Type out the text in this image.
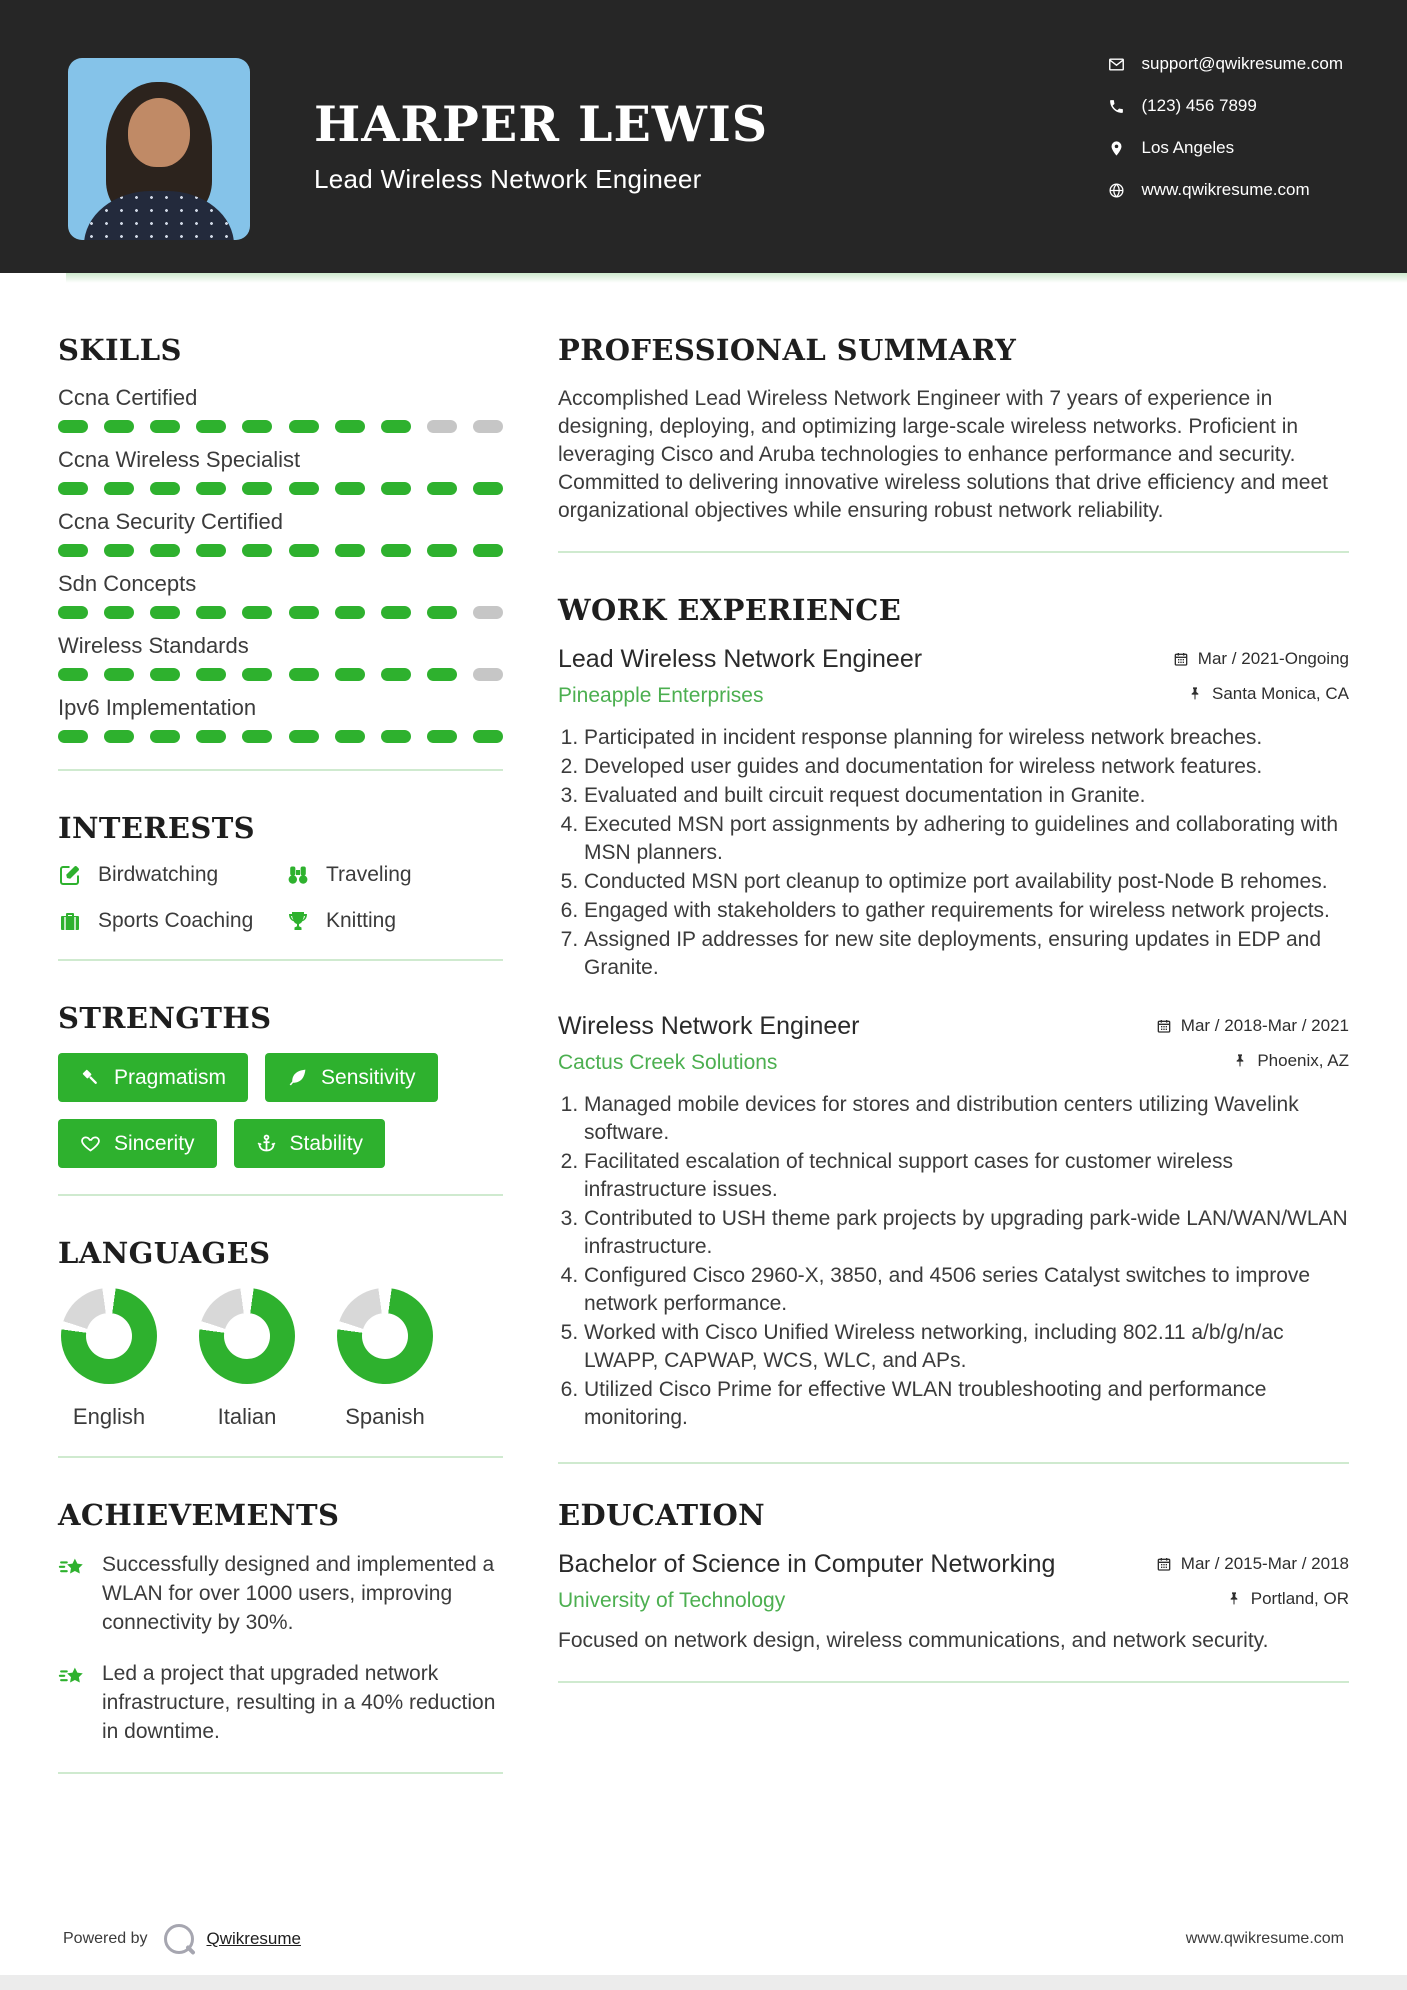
HARPER LEWIS
Lead Wireless Network Engineer
support@qwikresume.com
(123) 456 7899
Los Angeles
www.qwikresume.com
SKILLS
Ccna Certified
Ccna Wireless Specialist
Ccna Security Certified
Sdn Concepts
Wireless Standards
Ipv6 Implementation
INTERESTS
Birdwatching	Traveling
Sports Coaching	Knitting
STRENGTHS
Pragmatism	Sensitivity
Sincerity	Stability
LANGUAGES
English	Italian	Spanish
ACHIEVEMENTS
Successfully designed and implemented a WLAN for over 1000 users, improving connectivity by 30%.
Led a project that upgraded network infrastructure, resulting in a 40% reduction in downtime.
PROFESSIONAL SUMMARY

Accomplished Lead Wireless Network Engineer with 7 years of experience in designing, deploying, and optimizing large-scale wireless networks. Proficient in leveraging Cisco and Aruba technologies to enhance performance and security. Committed to delivering innovative wireless solutions that drive efficiency and meet organizational objectives while ensuring robust network reliability.

WORK EXPERIENCE
Lead Wireless Network Engineer	Mar / 2021-Ongoing
Pineapple Enterprises	Santa Monica, CA
1. Participated in incident response planning for wireless network breaches.
2. Developed user guides and documentation for wireless network features.
3. Evaluated and built circuit request documentation in Granite.
4. Executed MSN port assignments by adhering to guidelines and collaborating with MSN planners.
5. Conducted MSN port cleanup to optimize port availability post-Node B rehomes.
6. Engaged with stakeholders to gather requirements for wireless network projects.
7. Assigned IP addresses for new site deployments, ensuring updates in EDP and Granite.
Wireless Network Engineer	Mar / 2018-Mar / 2021
Cactus Creek Solutions	Phoenix, AZ
1. Managed mobile devices for stores and distribution centers utilizing Wavelink software.
2. Facilitated escalation of technical support cases for customer wireless infrastructure issues.
3. Contributed to USH theme park projects by upgrading park-wide LAN/WAN/WLAN infrastructure.
4. Configured Cisco 2960-X, 3850, and 4506 series Catalyst switches to improve network performance.
5. Worked with Cisco Unified Wireless networking, including 802.11 a/b/g/n/ac LWAPP, CAPWAP, WCS, WLC, and APs.
6. Utilized Cisco Prime for effective WLAN troubleshooting and performance monitoring.
EDUCATION
Bachelor of Science in Computer Networking	Mar / 2015-Mar / 2018
University of Technology	Portland, OR

Focused on network design, wireless communications, and network security.

Powered by	Qwikresume	www.qwikresume.com
